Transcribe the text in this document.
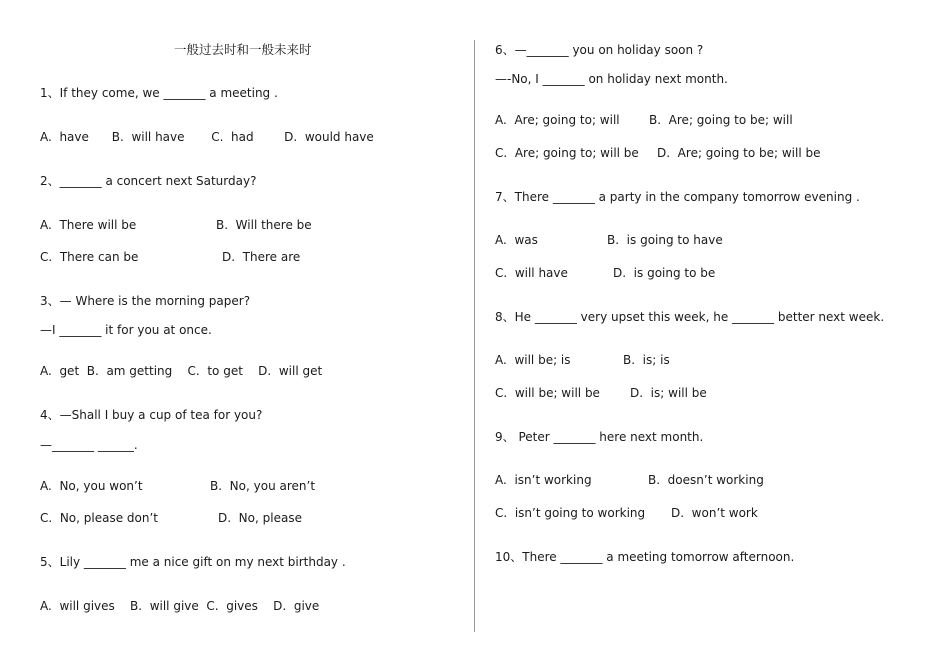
一般过去时和一般未来时
1、If they come, we _______ a meeting .
A.  have      B.  will have       C.  had        D.  would have
2、_______ a concert next Saturday?
A.  There will be	B.  Will there be
C.  There can be	D.  There are
3、— Where is the morning paper?
—I _______ it for you at once.
A.  get  B.  am getting    C.  to get    D.  will get
4、—Shall I buy a cup of tea for you?
—_______ ______.
A.  No, you won’t	B.  No, you aren’t
C.  No, please don’t	D.  No, please
5、Lily _______ me a nice gift on my next birthday .
A.  will gives    B.  will give  C.  gives    D.  give
6、—_______ you on holiday soon ?
—-No, I _______ on holiday next month.
A.  Are; going to; will B.  Are; going to be; will
C.  Are; going to; will be D.  Are; going to be; will be
7、There _______ a party in the company tomorrow evening .
A.  was	B.  is going to have
C.  will have	D.  is going to be
8、He _______ very upset this week, he _______ better next week.
A.  will be; is	B.  is; is
C.  will be; will be	D.  is; will be
9、 Peter _______ here next month.
A.  isn’t working	B.  doesn’t working
C.  isn’t going to working D.  won’t work
10、There _______ a meeting tomorrow afternoon.
